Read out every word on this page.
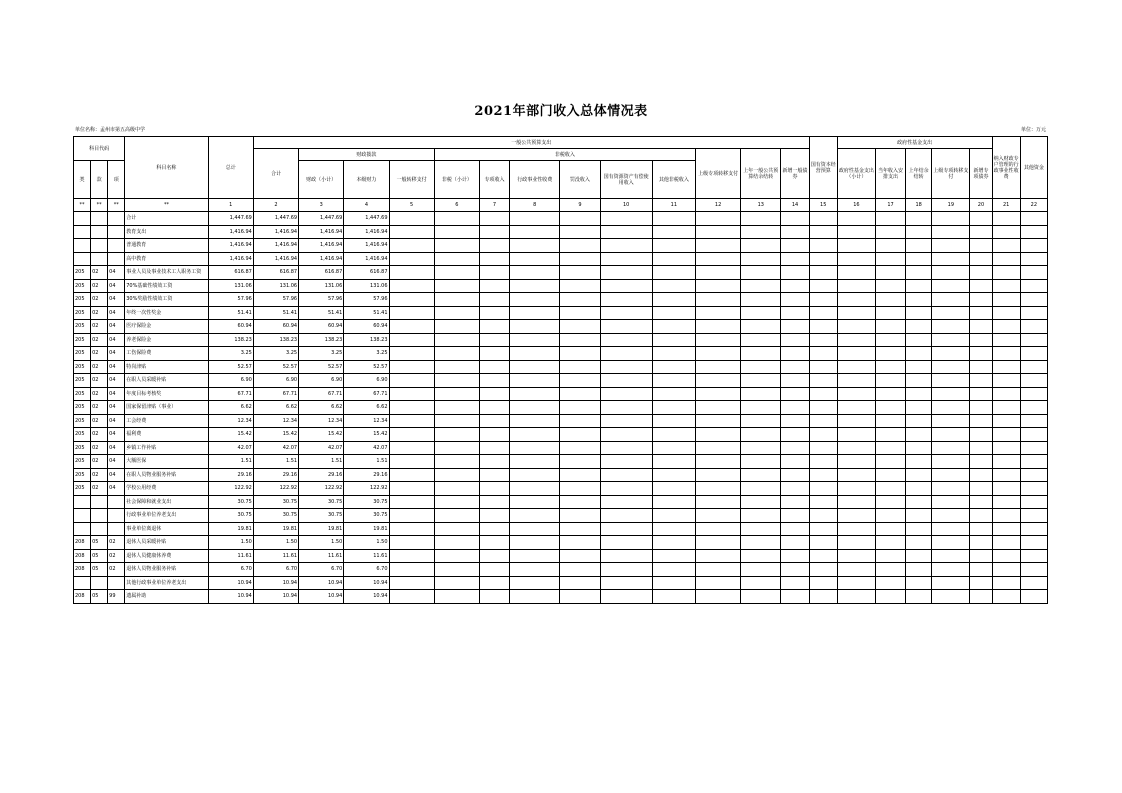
2021年部门收入总体情况表
单位名称：孟州市第五高级中学	单位：万元
科目代码			科目名称	总计	一般公共预算支出													国有资本经营预算	政府性基金支出					纳入财政专户管理的行政事业性收费	其他资金
					合计	财政拨款			非税收入						上级专项转移支付	上年一般公共预算结余结转	新增一般债券		政府性基金支出（小计）	当年收入安排支出	上年结余结转	上级专项转移支付	新增专项债券		
类	款	项				财政（小计）	本级财力	一般转移支付	非税（小计）	专项收入	行政事业性收费	罚没收入	国有资源资产有偿使用收入	其他非税收入											
**	**	**	**	1	2	3	4	5	6	7	8	9	10	11	12	13	14	15	16	17	18	19	20	21	22
			合计	1,447.69	1,447.69	1,447.69	1,447.69																		
			教育支出	1,416.94	1,416.94	1,416.94	1,416.94																		
			普通教育	1,416.94	1,416.94	1,416.94	1,416.94																		
			高中教育	1,416.94	1,416.94	1,416.94	1,416.94																		
205	02	04	事业人员及事业技术工人职务工资	616.87	616.87	616.87	616.87																		
205	02	04	70%基础性绩效工资	131.06	131.06	131.06	131.06																		
205	02	04	30%奖励性绩效工资	57.96	57.96	57.96	57.96																		
205	02	04	年终一次性奖金	51.41	51.41	51.41	51.41																		
205	02	04	医疗保险金	60.94	60.94	60.94	60.94																		
205	02	04	养老保险金	138.23	138.23	138.23	138.23																		
205	02	04	工伤保险费	3.25	3.25	3.25	3.25																		
205	02	04	特岗津贴	52.57	52.57	52.57	52.57																		
205	02	04	在职人员采暖补贴	6.90	6.90	6.90	6.90																		
205	02	04	年度目标考核奖	67.71	67.71	67.71	67.71																		
205	02	04	国家保留津贴（事业）	6.62	6.62	6.62	6.62																		
205	02	04	工会经费	12.34	12.34	12.34	12.34																		
205	02	04	福利费	15.42	15.42	15.42	15.42																		
205	02	04	乡镇工作补贴	42.07	42.07	42.07	42.07																		
205	02	04	大额医保	1.51	1.51	1.51	1.51																		
205	02	04	在职人员物业服务补贴	29.16	29.16	29.16	29.16																		
205	02	04	学校公用经费	122.92	122.92	122.92	122.92																		
			社会保障和就业支出	30.75	30.75	30.75	30.75																		
			行政事业单位养老支出	30.75	30.75	30.75	30.75																		
			事业单位离退休	19.81	19.81	19.81	19.81																		
208	05	02	退休人员采暖补贴	1.50	1.50	1.50	1.50																		
208	05	02	退休人员健康休养费	11.61	11.61	11.61	11.61																		
208	05	02	退休人员物业服务补贴	6.70	6.70	6.70	6.70																		
			其他行政事业单位养老支出	10.94	10.94	10.94	10.94																		
208	05	99	遗属补助	10.94	10.94	10.94	10.94																		
